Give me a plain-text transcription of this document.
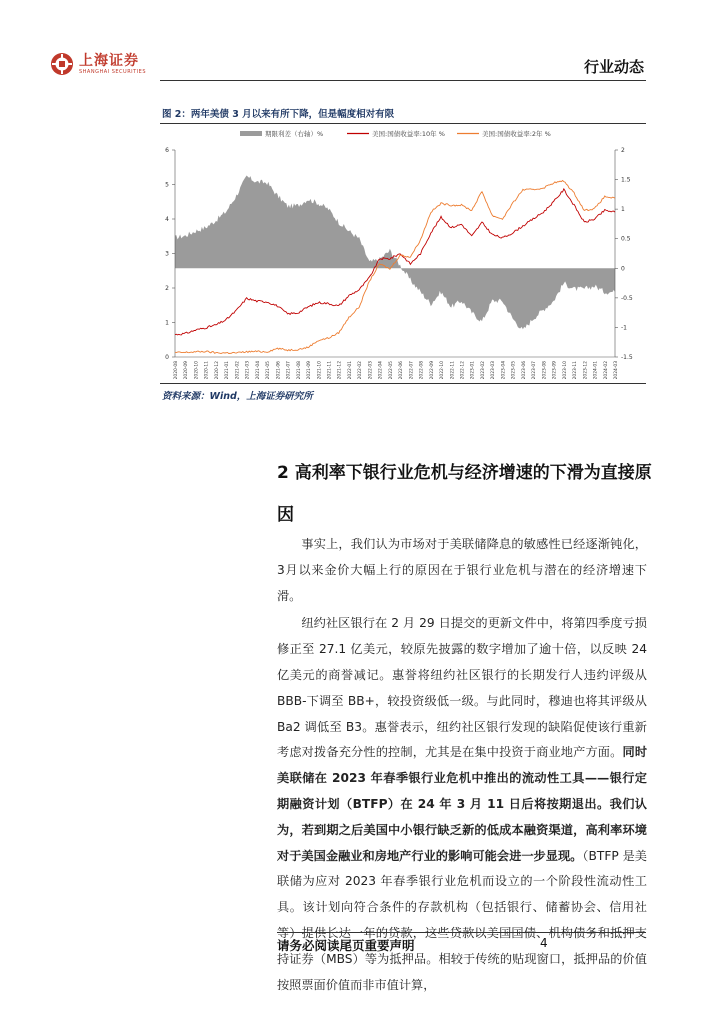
上海证券
SHANGHAI SECURITIES	行业动态
图 2：两年美债 3 月以来有所下降，但是幅度相对有限
期限利差（右轴）%	美国:国债收益率:10年 %	美国:国债收益率:2年 %
0
1
2
3
4
5
6
-1.5
-1
-0.5
0
0.5
1
1.5
2
2020-08 2020-09 2020-10 2020-11 2020-12 2021-01 2021-02 2021-03 2021-04 2021-05 2021-06 2021-07 2021-08 2021-09 2021-10 2021-11 2021-12 2022-01 2022-02 2022-03 2022-04 2022-05 2022-06 2022-07 2022-08 2022-09 2022-10 2022-11 2022-12 2023-01 2023-02 2023-03 2023-04 2023-05 2023-06 2023-07 2023-08 2023-09 2023-10 2023-11 2023-12 2024-01 2024-02 2024-03
资料来源：Wind，上海证券研究所
2 高利率下银行业危机与经济增速的下滑为直接原因

事实上，我们认为市场对于美联储降息的敏感性已经逐渐钝化，3月以来金价大幅上行的原因在于银行业危机与潜在的经济增速下滑。

纽约社区银行在 2 月 29 日提交的更新文件中，将第四季度亏损修正至 27.1 亿美元，较原先披露的数字增加了逾十倍，以反映 24 亿美元的商誉减记。惠誉将纽约社区银行的长期发行人违约评级从 BBB-下调至 BB+，较投资级低一级。与此同时，穆迪也将其评级从 Ba2 调低至 B3。惠誉表示，纽约社区银行发现的缺陷促使该行重新考虑对拨备充分性的控制，尤其是在集中投资于商业地产方面。同时美联储在 2023 年春季银行业危机中推出的流动性工具——银行定期融资计划（BTFP）在 24 年 3 月 11 日后将按期退出。我们认为，若到期之后美国中小银行缺乏新的低成本融资渠道，高利率环境对于美国金融业和房地产行业的影响可能会进一步显现。（BTFP 是美联储为应对 2023 年春季银行业危机而设立的一个阶段性流动性工具。该计划向符合条件的存款机构（包括银行、储蓄协会、信用社等）提供长达一年的贷款，这些贷款以美国国债、机构债务和抵押支持证券（MBS）等为抵押品。相较于传统的贴现窗口，抵押品的价值按照票面价值而非市值计算，

请务必阅读尾页重要声明	4
